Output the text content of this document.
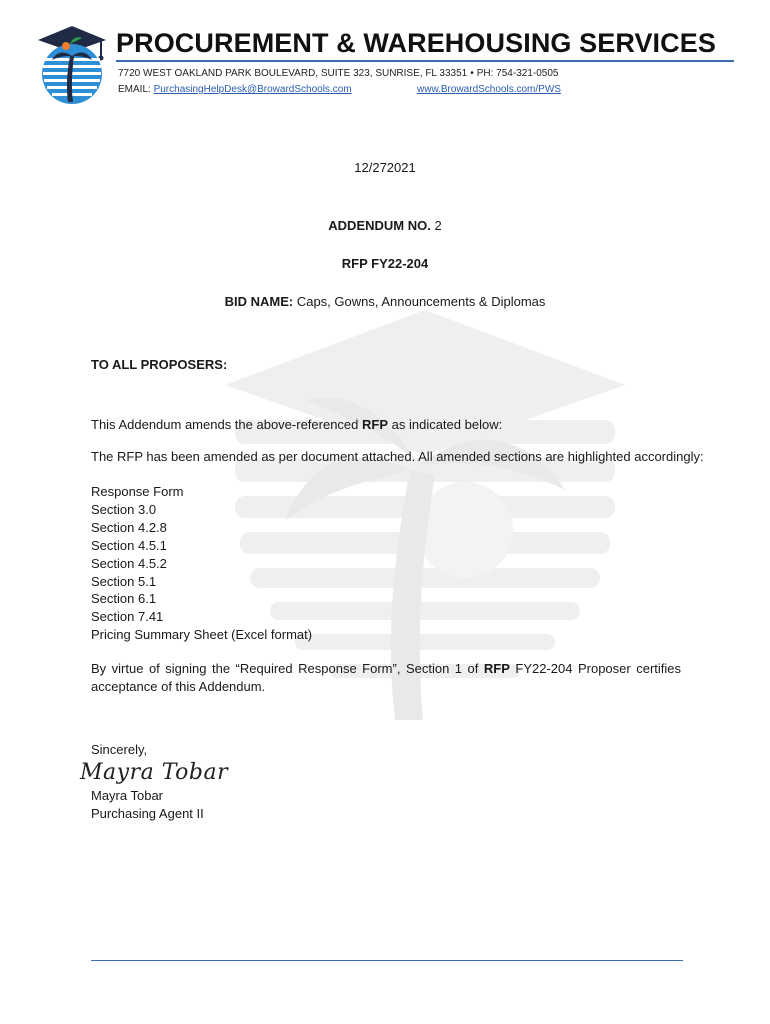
PROCUREMENT & WAREHOUSING SERVICES
7720 WEST OAKLAND PARK BOULEVARD, SUITE 323, SUNRISE, FL 33351 • PH: 754-321-0505
EMAIL: PurchasingHelpDesk@BrowardSchools.com	www.BrowardSchools.com/PWS
12/272021
ADDENDUM NO. 2
RFP FY22-204
BID NAME: Caps, Gowns, Announcements & Diplomas
TO ALL PROPOSERS:
This Addendum amends the above-referenced RFP as indicated below:
The RFP has been amended as per document attached. All amended sections are highlighted accordingly:
Response Form
Section 3.0
Section 4.2.8
Section 4.5.1
Section 4.5.2
Section 5.1
Section 6.1
Section 7.41
Pricing Summary Sheet (Excel format)
By virtue of signing the “Required Response Form”, Section 1 of RFP FY22-204 Proposer certifies
acceptance of this Addendum.
Sincerely,
Mayra Tobar
Mayra Tobar
Purchasing Agent II
